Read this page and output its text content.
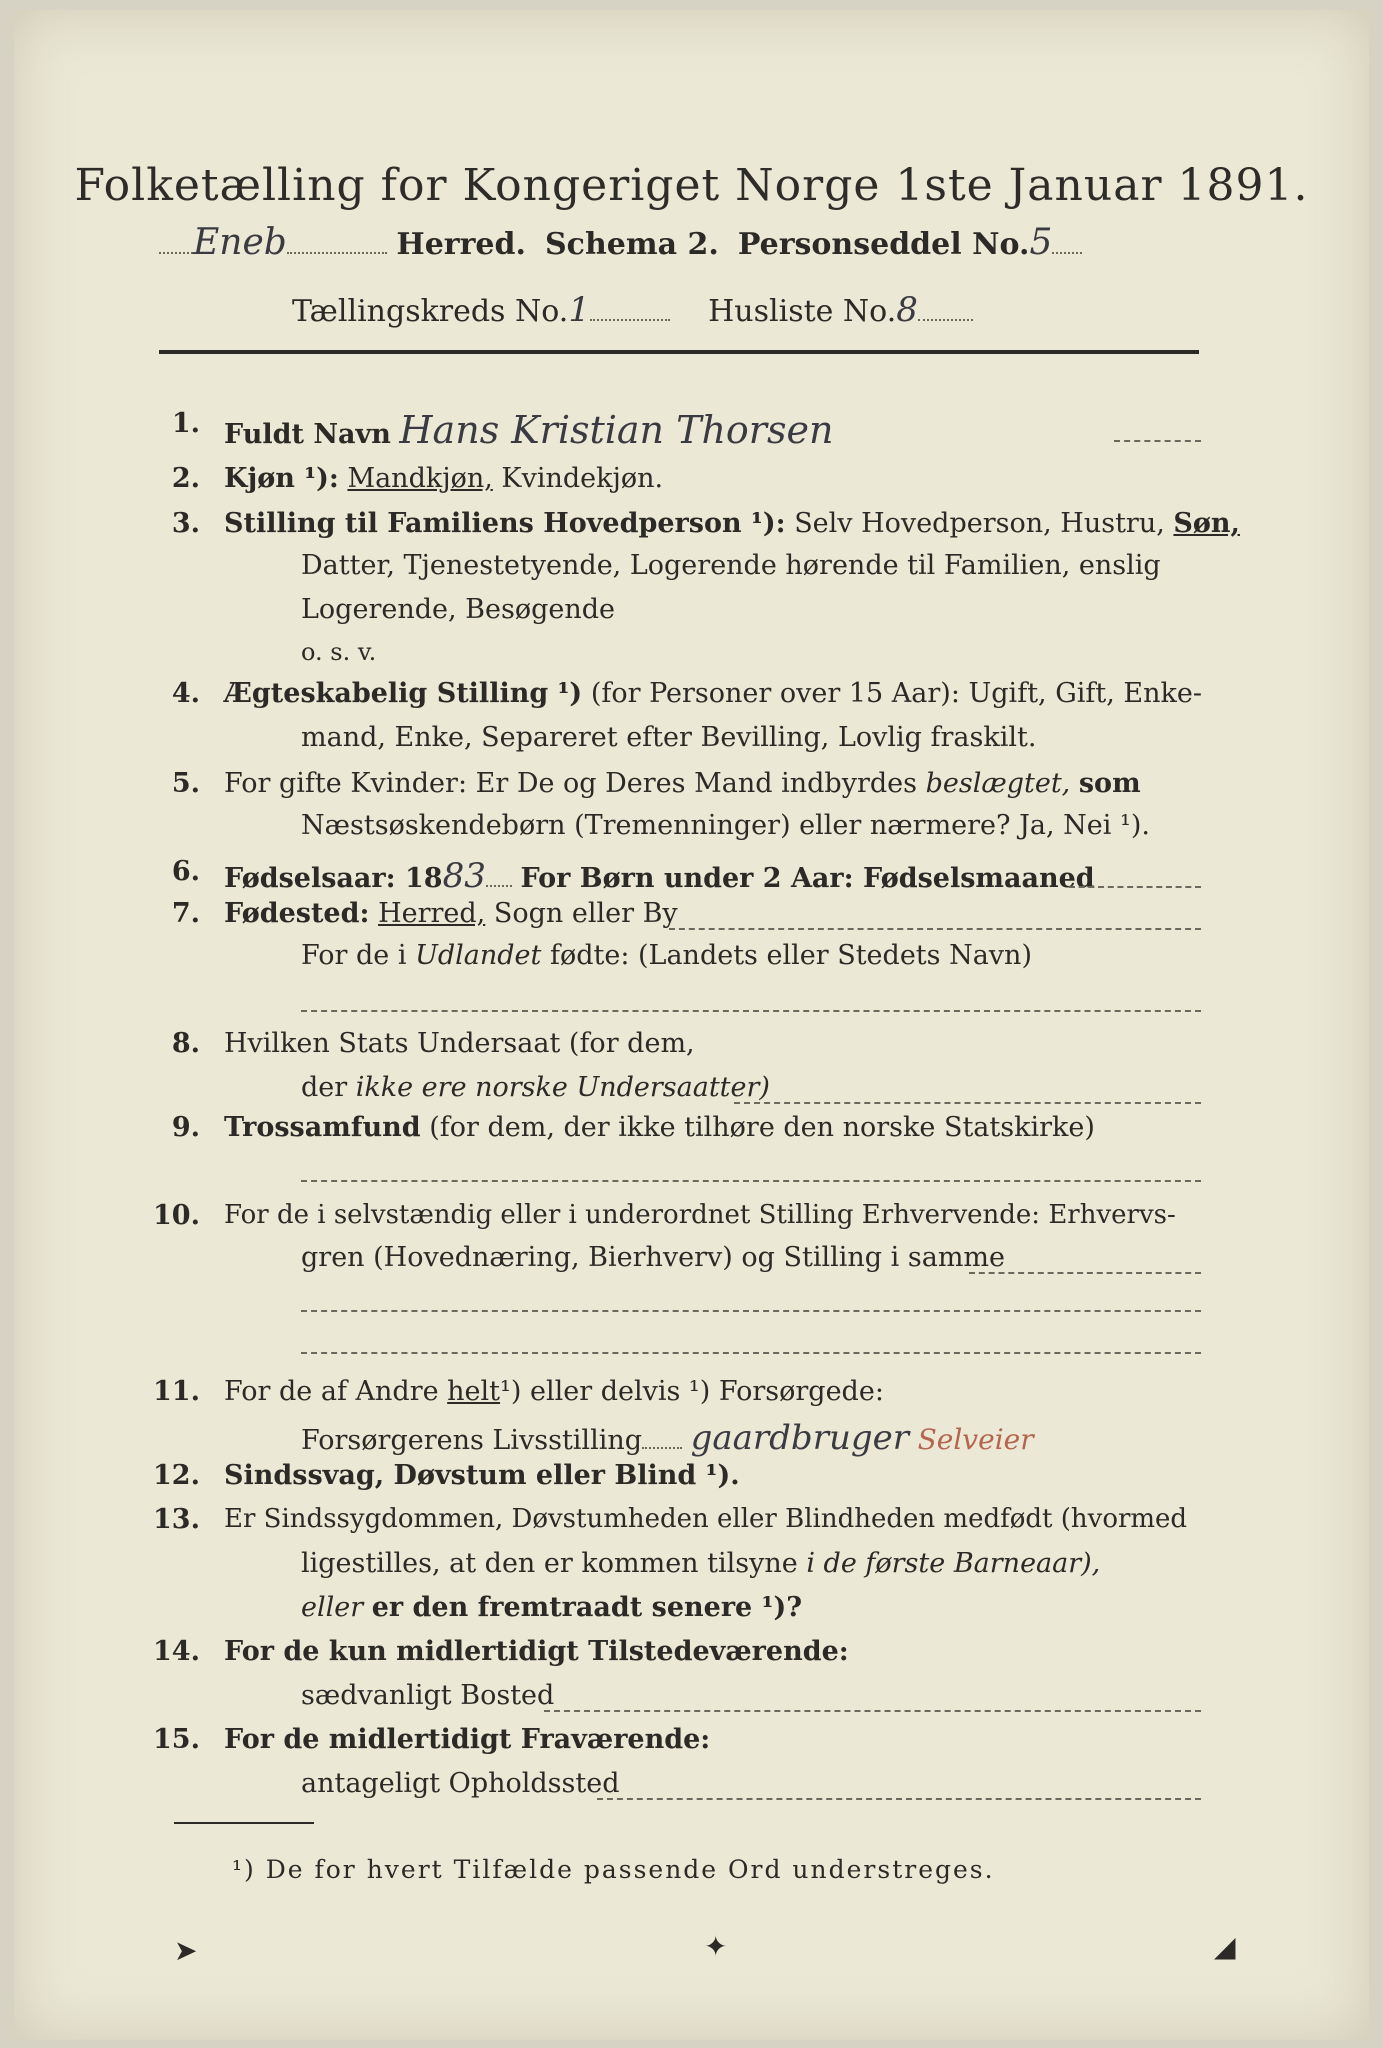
Folketælling for Kongeriget Norge 1ste Januar 1891.
Eneb	Herred. Schema 2. Personseddel No.5
Tællingskreds No.1	Husliste No.8
1. Fuldt Navn Hans Kristian Thorsen
2. Kjøn ¹): Mandkjøn, Kvindekjøn.
3. Stilling til Familiens Hovedperson ¹): Selv Hovedperson, Hustru, Søn,
Datter, Tjenestetyende, Logerende hørende til Familien, enslig
Logerende, Besøgende
o. s. v.
4. Ægteskabelig Stilling ¹) (for Personer over 15 Aar): Ugift, Gift, Enke-
mand, Enke, Separeret efter Bevilling, Lovlig fraskilt.
5. For gifte Kvinder: Er De og Deres Mand indbyrdes beslægtet, som
Næstsøskendebørn (Tremenninger) eller nærmere? Ja, Nei ¹).
6. Fødselsaar: 1883 For Børn under 2 Aar: Fødselsmaaned
7. Fødested: Herred, Sogn eller By
For de i Udlandet fødte: (Landets eller Stedets Navn)
8. Hvilken Stats Undersaat (for dem,
der ikke ere norske Undersaatter)
9. Trossamfund (for dem, der ikke tilhøre den norske Statskirke)
10. For de i selvstændig eller i underordnet Stilling Erhvervende: Erhvervs-
gren (Hovednæring, Bierhverv) og Stilling i samme
11. For de af Andre helt¹) eller delvis ¹) Forsørgede:
Forsørgerens Livsstilling gaardbruger Selveier
12. Sindssvag, Døvstum eller Blind ¹).
13. Er Sindssygdommen, Døvstumheden eller Blindheden medfødt (hvormed
ligestilles, at den er kommen tilsyne i de første Barneaar),
eller er den fremtraadt senere ¹)?
14. For de kun midlertidigt Tilstedeværende:
sædvanligt Bosted
15. For de midlertidigt Fraværende:
antageligt Opholdssted
¹) De for hvert Tilfælde passende Ord understreges.
➤	✦	◢
